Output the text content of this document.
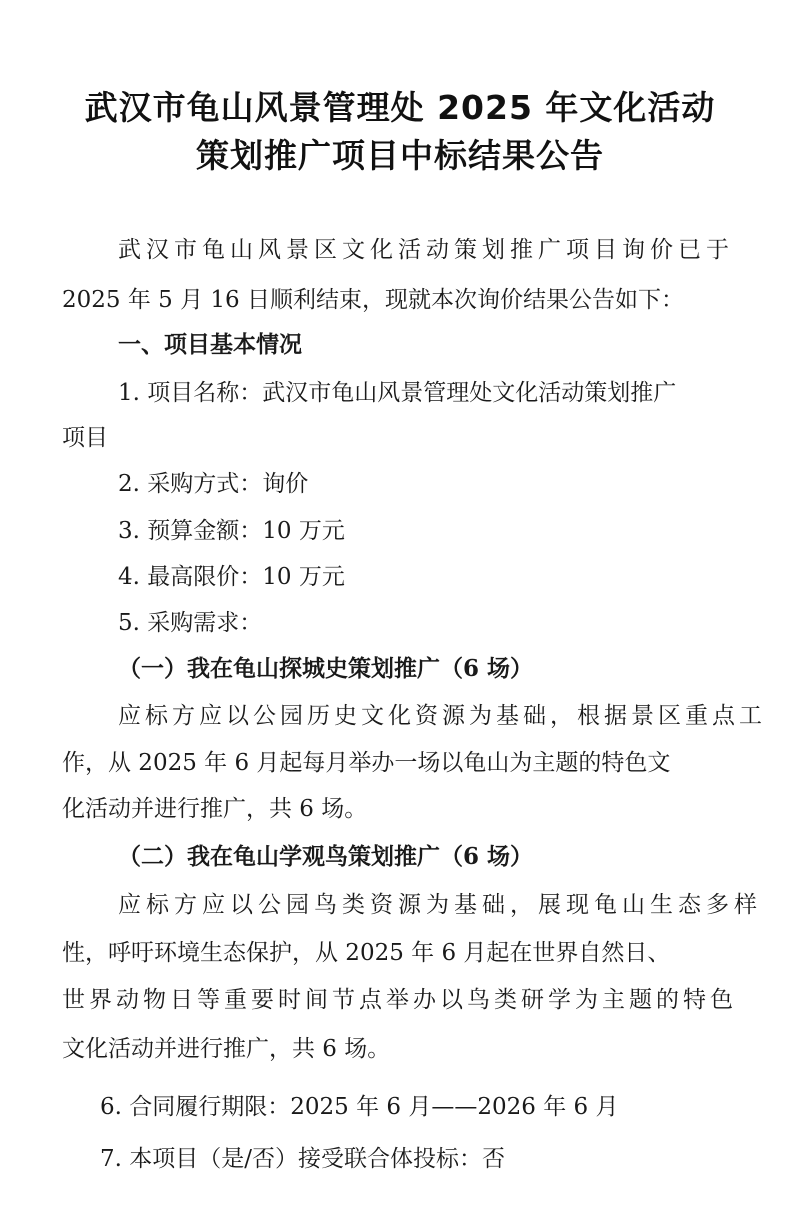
武汉市龟山风景管理处 2025 年文化活动
策划推广项目中标结果公告
武汉市龟山风景区文化活动策划推广项目询价已于
2025 年 5 月 16 日顺利结束，现就本次询价结果公告如下：
一、项目基本情况
1. 项目名称：武汉市龟山风景管理处文化活动策划推广
项目
2. 采购方式：询价
3. 预算金额：10 万元
4. 最高限价：10 万元
5. 采购需求：
（一）我在龟山探城史策划推广（6 场）
应标方应以公园历史文化资源为基础，根据景区重点工
作，从 2025 年 6 月起每月举办一场以龟山为主题的特色文
化活动并进行推广，共 6 场。
（二）我在龟山学观鸟策划推广（6 场）
应标方应以公园鸟类资源为基础，展现龟山生态多样
性，呼吁环境生态保护，从 2025 年 6 月起在世界自然日、
世界动物日等重要时间节点举办以鸟类研学为主题的特色
文化活动并进行推广，共 6 场。
6. 合同履行期限：2025 年 6 月——2026 年 6 月
7. 本项目（是/否）接受联合体投标：否
